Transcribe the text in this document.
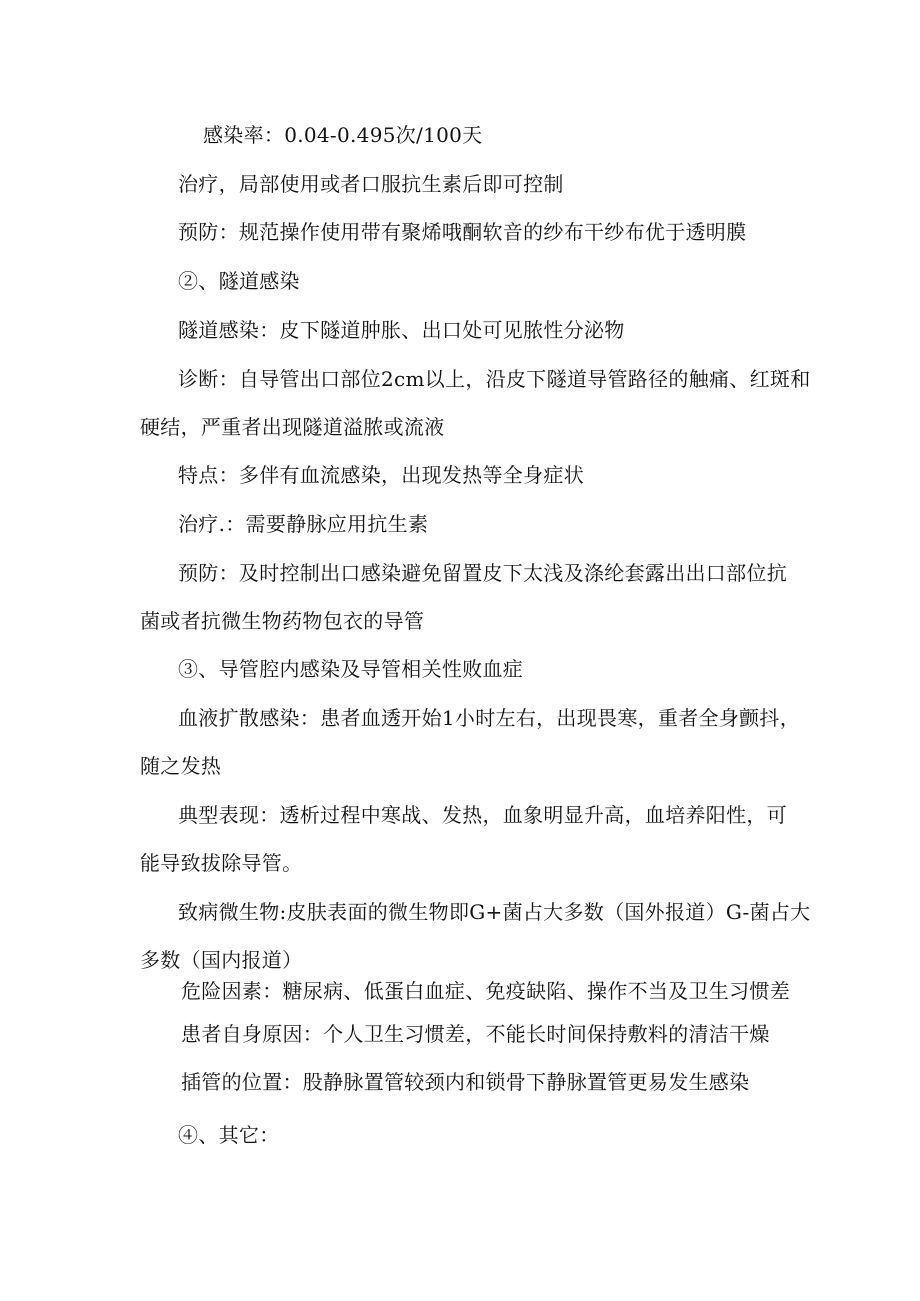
感染率：0.04-0.495次/100天
治疗，局部使用或者口服抗生素后即可控制
预防：规范操作使用带有聚烯哦酮软音的纱布干纱布优于透明膜
②、隧道感染
隧道感染：皮下隧道肿胀、出口处可见脓性分泌物
诊断：自导管出口部位2cm以上，沿皮下隧道导管路径的触痛、红斑和
硬结，严重者出现隧道溢脓或流液
特点：多伴有血流感染，出现发热等全身症状
治疗.：需要静脉应用抗生素
预防：及时控制出口感染避免留置皮下太浅及涤纶套露出出口部位抗
菌或者抗微生物药物包衣的导管
③、导管腔内感染及导管相关性败血症
血液扩散感染：患者血透开始1小时左右，出现畏寒，重者全身颤抖，
随之发热
典型表现：透析过程中寒战、发热，血象明显升高，血培养阳性，可
能导致拔除导管。
致病微生物:皮肤表面的微生物即G+菌占大多数（国外报道）G-菌占大
多数（国内报道）
危险因素：糖尿病、低蛋白血症、免疫缺陷、操作不当及卫生习惯差
患者自身原因：个人卫生习惯差，不能长时间保持敷料的清洁干燥
插管的位置：股静脉置管较颈内和锁骨下静脉置管更易发生感染
④、其它：
